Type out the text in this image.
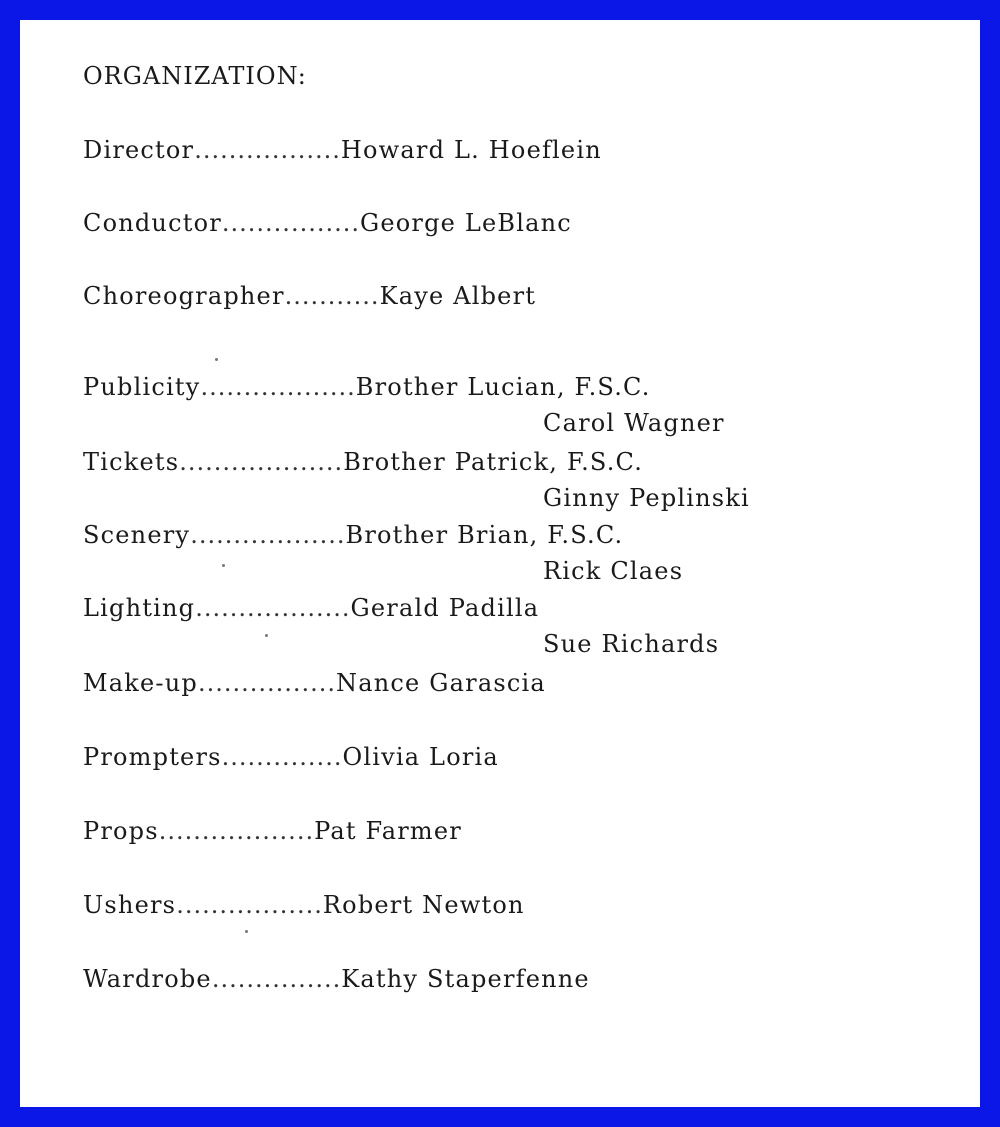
ORGANIZATION:
Director.................Howard L. Hoeflein
Conductor................George LeBlanc
Choreographer...........Kaye Albert
Publicity..................Brother Lucian, F.S.C.
Carol Wagner
Tickets...................Brother Patrick, F.S.C.
Ginny Peplinski
Scenery..................Brother Brian, F.S.C.
Rick Claes
Lighting..................Gerald Padilla
Sue Richards
Make-up................Nance Garascia
Prompters..............Olivia Loria
Props..................Pat Farmer
Ushers.................Robert Newton
Wardrobe...............Kathy Staperfenne
